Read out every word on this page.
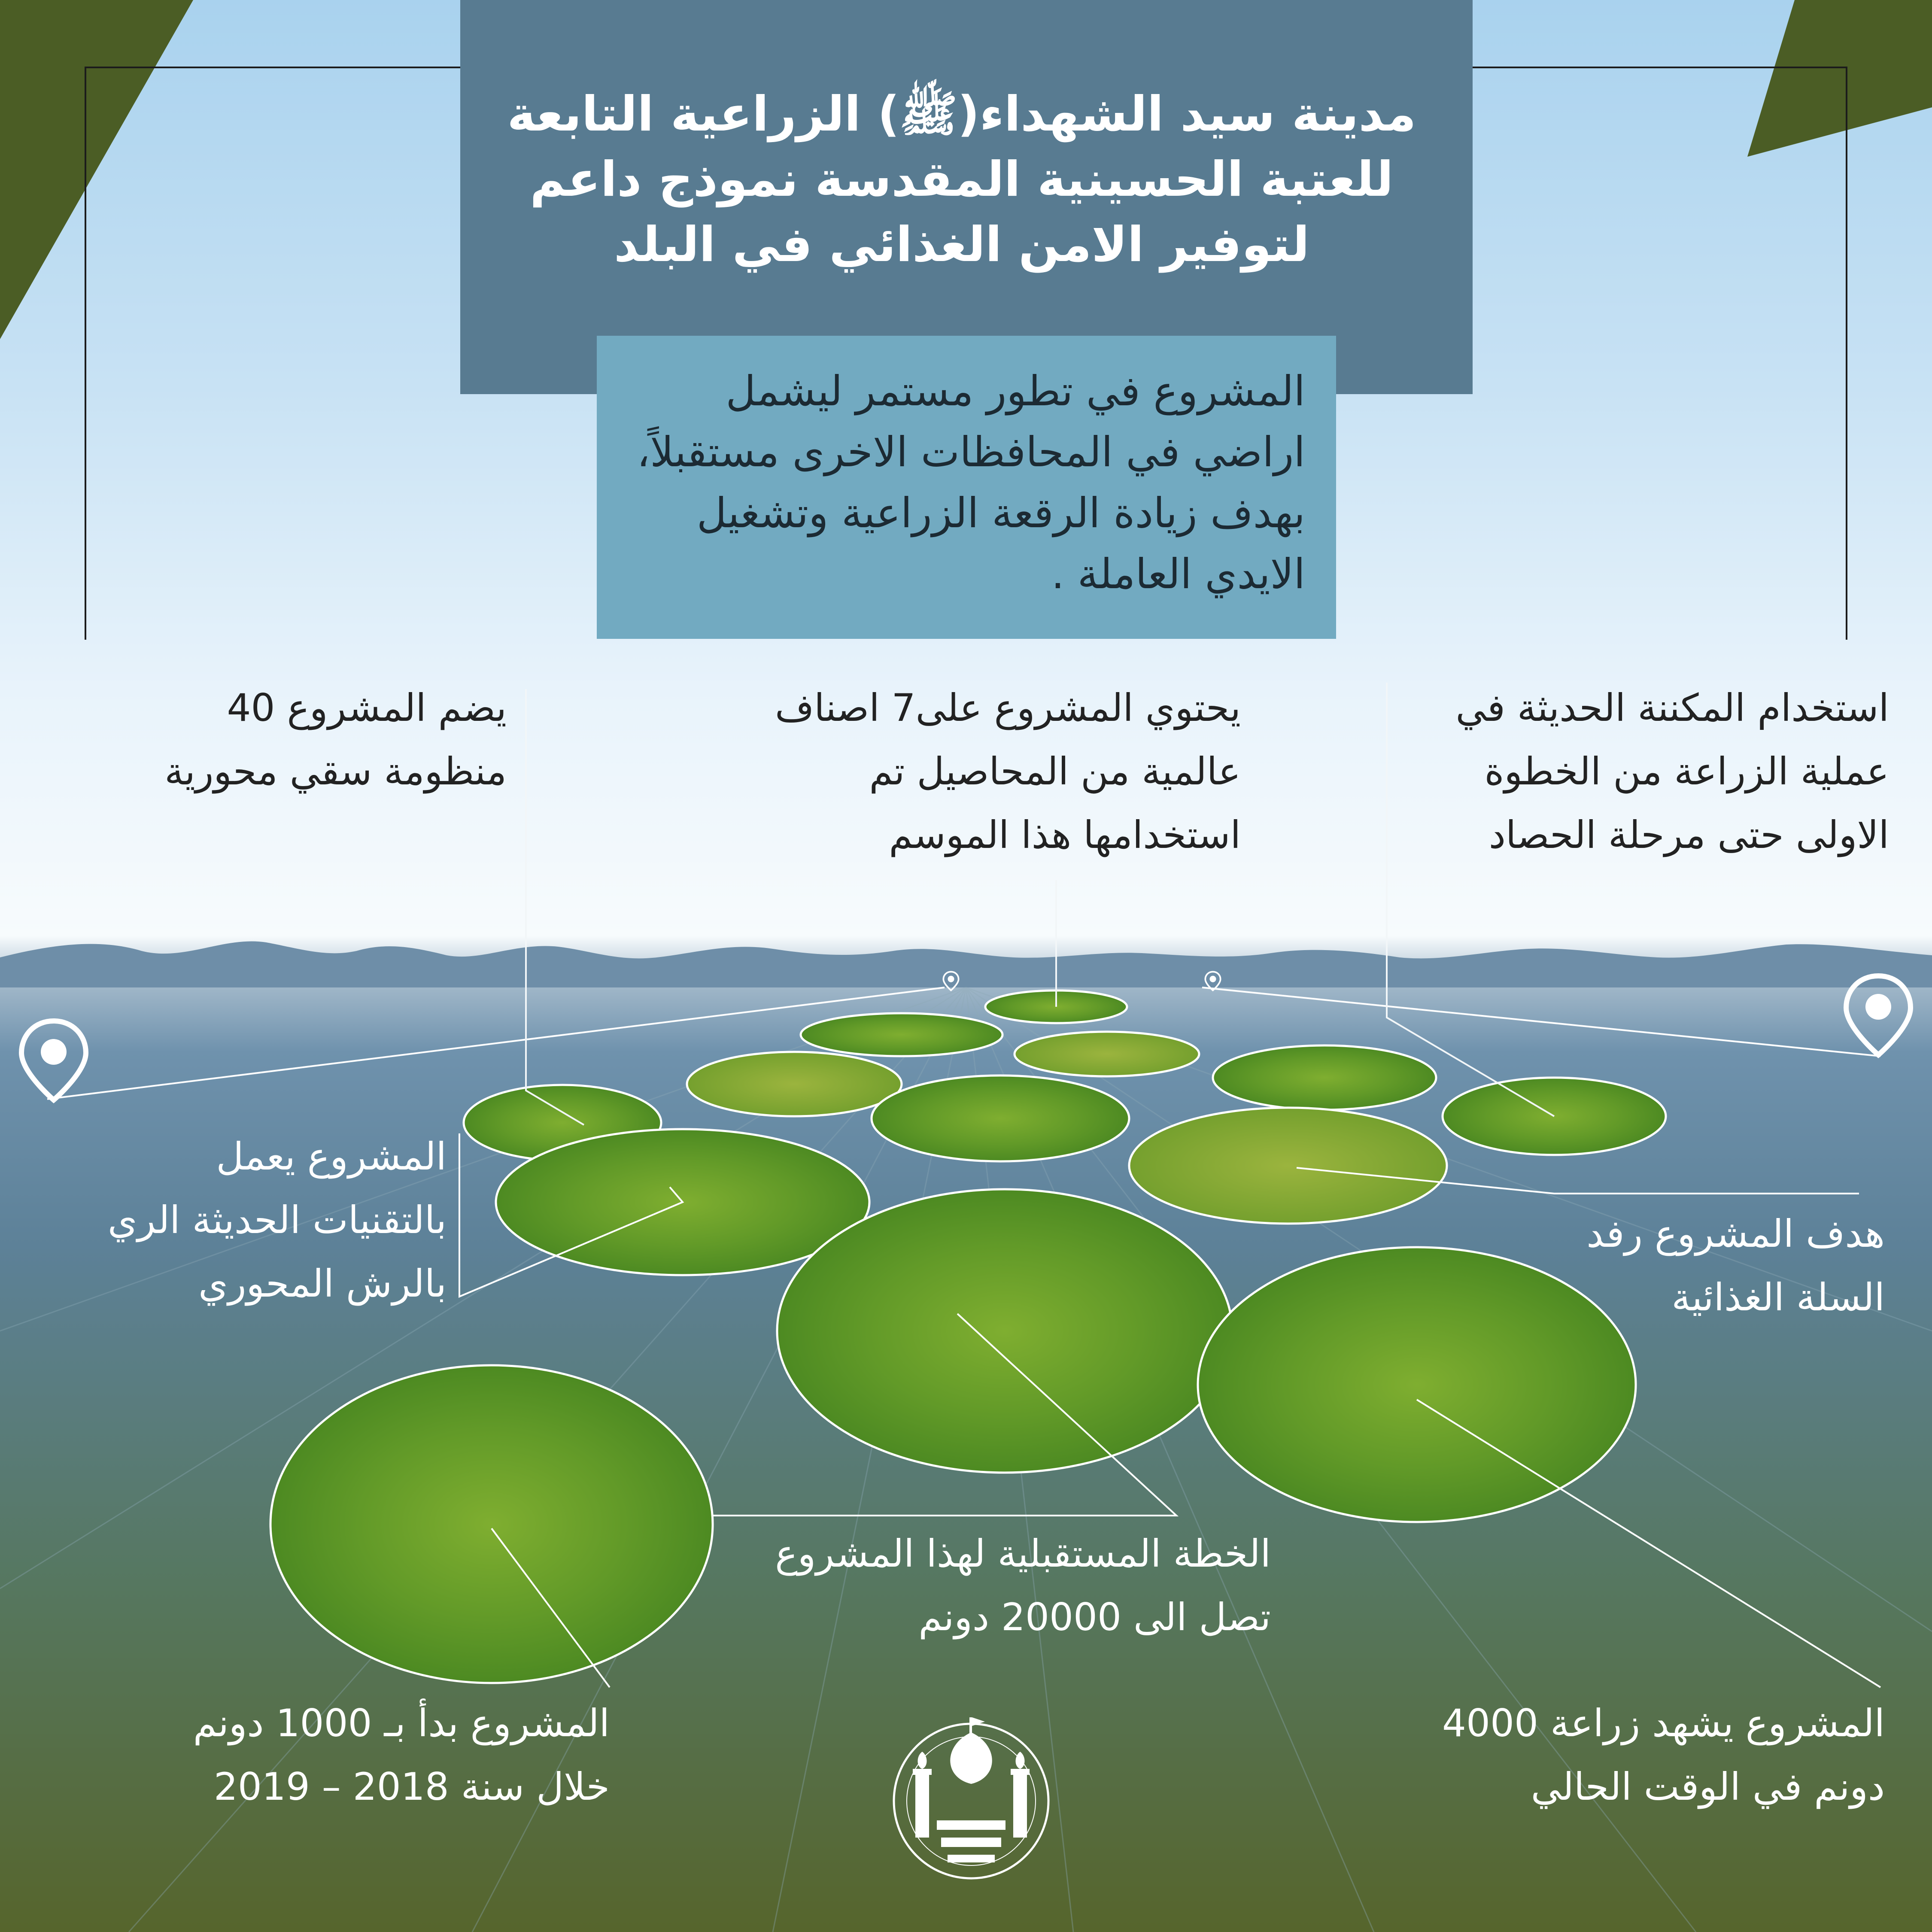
مدينة سيد الشهداء(ﷺ) الزراعية التابعة
للعتبة الحسينية المقدسة نموذج داعم
لتوفير الامن الغذائي في البلد
المشروع في تطور مستمر ليشمل
اراضي في المحافظات الاخرى مستقبلاً،
بهدف زيادة الرقعة الزراعية وتشغيل
الايدي العاملة .
يضم المشروع 40
منظومة سقي محورية
يحتوي المشروع على7 اصناف
عالمية من المحاصيل تم
استخدامها هذا الموسم
استخدام المكننة الحديثة في
عملية الزراعة من الخطوة
الاولى حتى مرحلة الحصاد
المشروع يعمل
بالتقنيات الحديثة الري
بالرش المحوري
هدف المشروع رفد
السلة الغذائية
الخطة المستقبلية لهذا المشروع
تصل الى 20000 دونم
المشروع بدأ بـ 1000 دونم
خلال سنة 2018 – 2019
المشروع يشهد زراعة 4000
دونم في الوقت الحالي
